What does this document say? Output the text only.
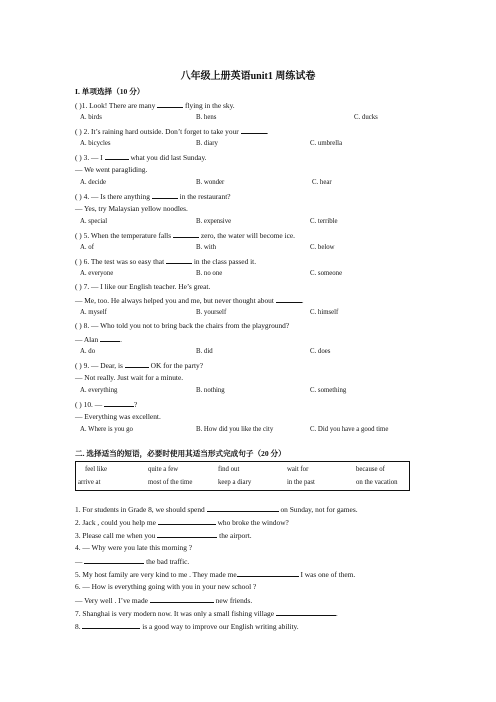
八年级上册英语unit1 周练试卷
I. 单项选择（10 分）
( )1. Look! There are many	flying in the sky.
A. birds	B. hens	C. ducks
( ) 2. It’s raining hard outside. Don’t forget to take your	.
A. bicycles	B. diary	C. umbrella
( ) 3. — I	what you did last Sunday.
— We went paragliding.
A. decide	B. wonder	C. hear
( ) 4. — Is there anything	in the restaurant?
— Yes, try Malaysian yellow noodles.
A. special	B. expensive	C. terrible
( ) 5. When the temperature falls	zero, the water will become ice.
A. of	B. with	C. below
( ) 6. The test was so easy that	in the class passed it.
A. everyone	B. no one	C. someone
( ) 7. — I like our English teacher. He’s great.
— Me, too. He always helped you and me, but never thought about	.
A. myself	B. yourself	C. himself
( ) 8. — Who told you not to bring back the chairs from the playground?
— Alan	.
A. do	B. did	C. does
( ) 9. — Dear, is	OK for the party?
— Not really. Just wait for a minute.
A. everything	B. nothing	C. something
( ) 10. —	?
— Everything was excellent.
A. Where is you go	B. How did you like the city	C. Did you have a good time
二. 选择适当的短语，必要时使用其适当形式完成句子（20 分）
feel like	quite a few	find out	wait for	because of
arrive at	most of the time	keep a diary	in the past	on the vacation
1. For students in Grade 8, we should spend	on Sunday, not for games.
2. Jack , could you help me	who broke the window?
3. Please call me when you	the airport.
4. — Why were you late this morning ?
—	the bad traffic.
5. My host family are very kind to me . They made me	I was one of them.
6. — How is everything going with you in your new school ?
— Very well . I’ve made	new friends.
7. Shanghai is very modern now. It was only a small fishing village	.
8.	is a good way to improve our English writing ability.
